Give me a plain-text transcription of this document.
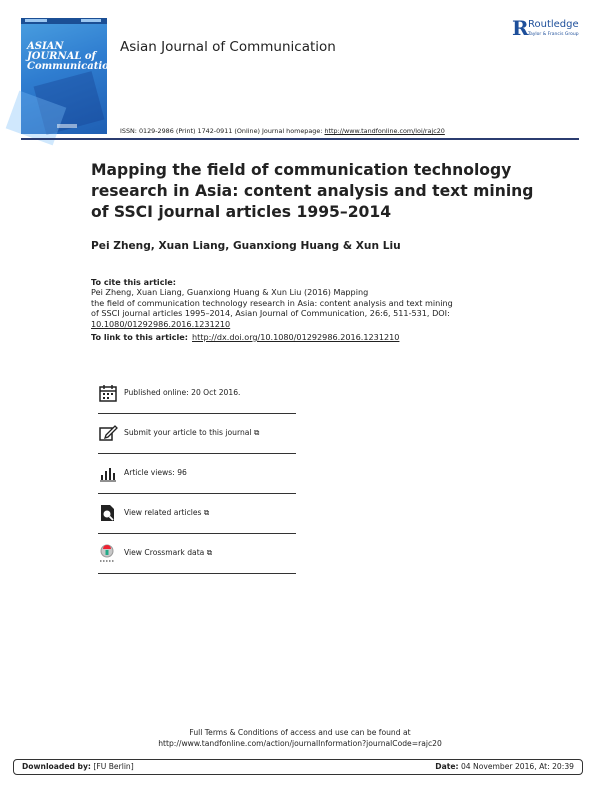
ASIAN
JOURNAL of
Communication
Asian Journal of Communication
R Routledge
Taylor & Francis Group
ISSN: 0129-2986 (Print) 1742-0911 (Online) Journal homepage: http://www.tandfonline.com/loi/rajc20
Mapping the field of communication technology
research in Asia: content analysis and text mining
of SSCI journal articles 1995–2014
Pei Zheng, Xuan Liang, Guanxiong Huang & Xun Liu
To cite this article:
Pei Zheng, Xuan Liang, Guanxiong Huang & Xun Liu (2016) Mapping
the field of communication technology research in Asia: content analysis and text mining
of SSCI journal articles 1995–2014, Asian Journal of Communication, 26:6, 511-531, DOI:
10.1080/01292986.2016.1231210
To link to this article: http://dx.doi.org/10.1080/01292986.2016.1231210
Published online: 20 Oct 2016.
Submit your article to this journal ⧉
Article views: 96
View related articles ⧉
View Crossmark data ⧉
Full Terms & Conditions of access and use can be found at
http://www.tandfonline.com/action/journalInformation?journalCode=rajc20
Downloaded by: [FU Berlin]	Date: 04 November 2016, At: 20:39
